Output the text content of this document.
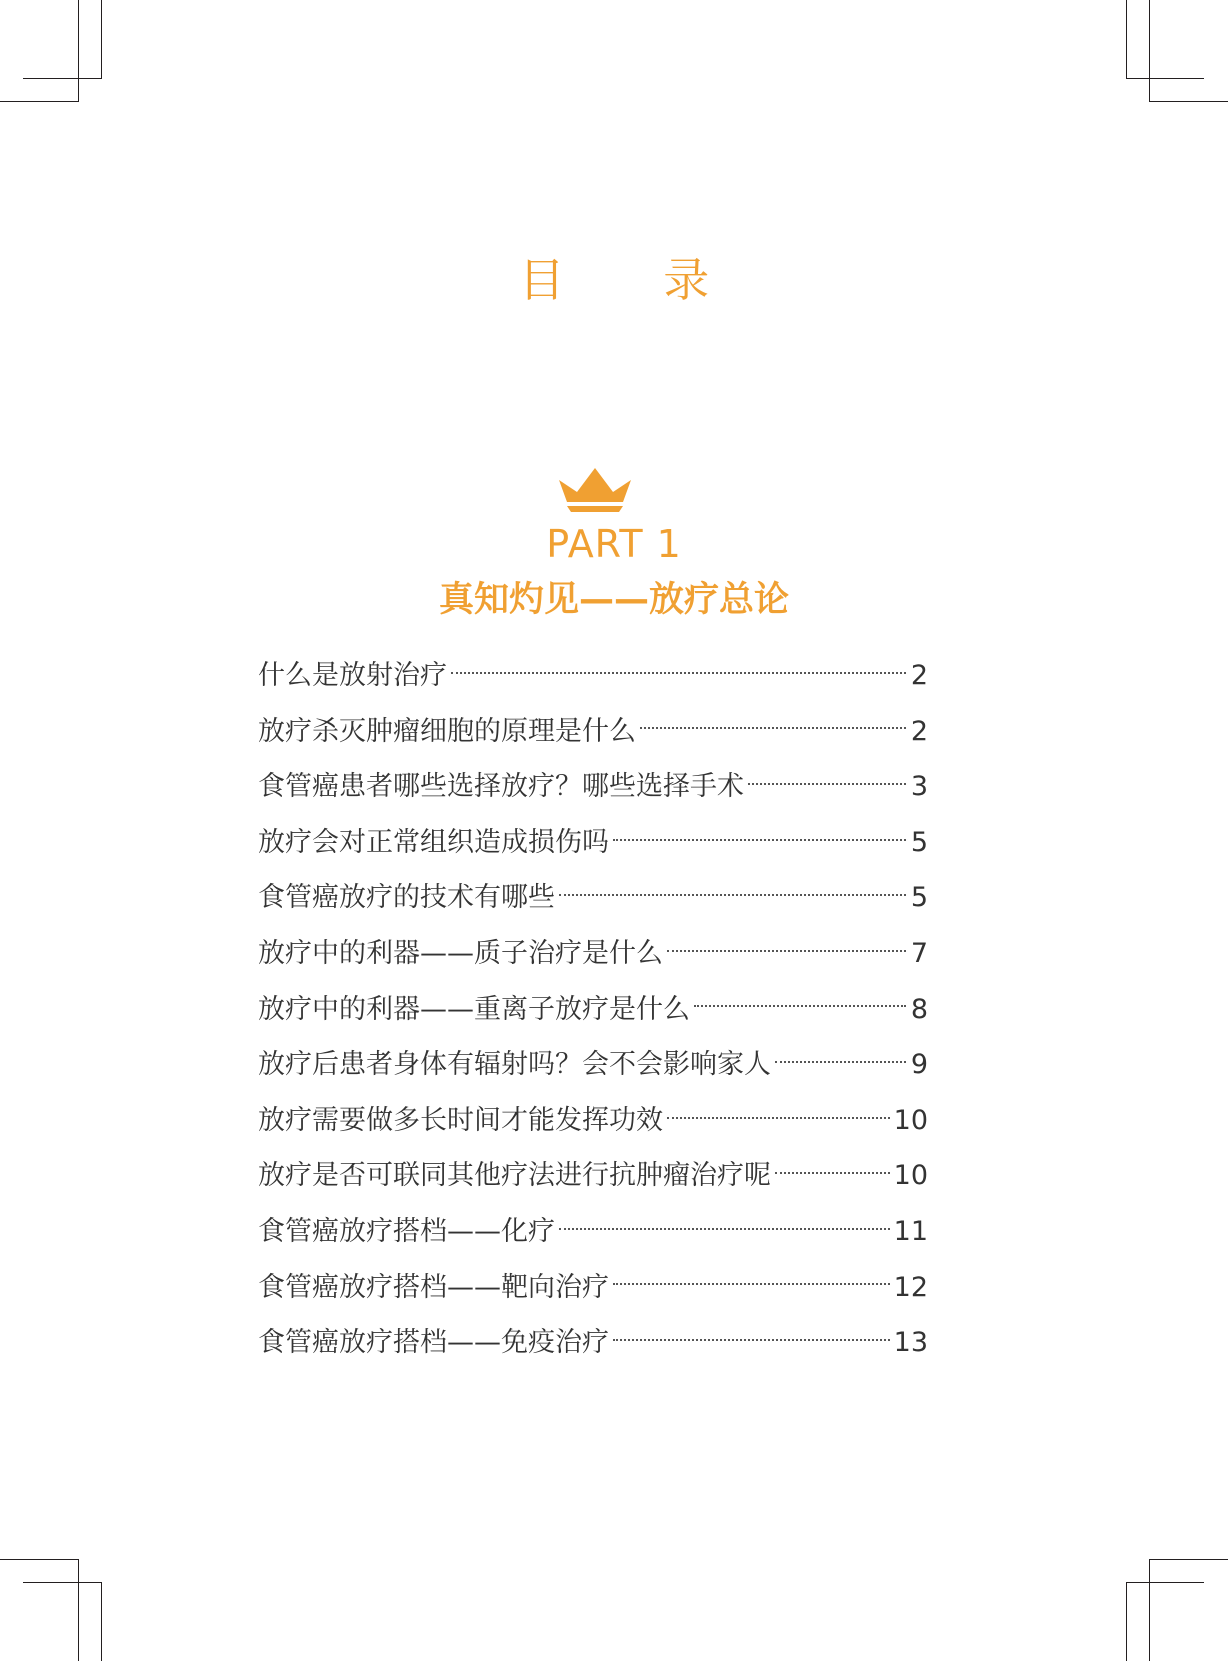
目 录
PART 1
真知灼见——放疗总论
什么是放射治疗	2
放疗杀灭肿瘤细胞的原理是什么	2
食管癌患者哪些选择放疗？哪些选择手术	3
放疗会对正常组织造成损伤吗	5
食管癌放疗的技术有哪些	5
放疗中的利器——质子治疗是什么	7
放疗中的利器——重离子放疗是什么	8
放疗后患者身体有辐射吗？会不会影响家人	9
放疗需要做多长时间才能发挥功效	10
放疗是否可联同其他疗法进行抗肿瘤治疗呢	10
食管癌放疗搭档——化疗	11
食管癌放疗搭档——靶向治疗	12
食管癌放疗搭档——免疫治疗	13
